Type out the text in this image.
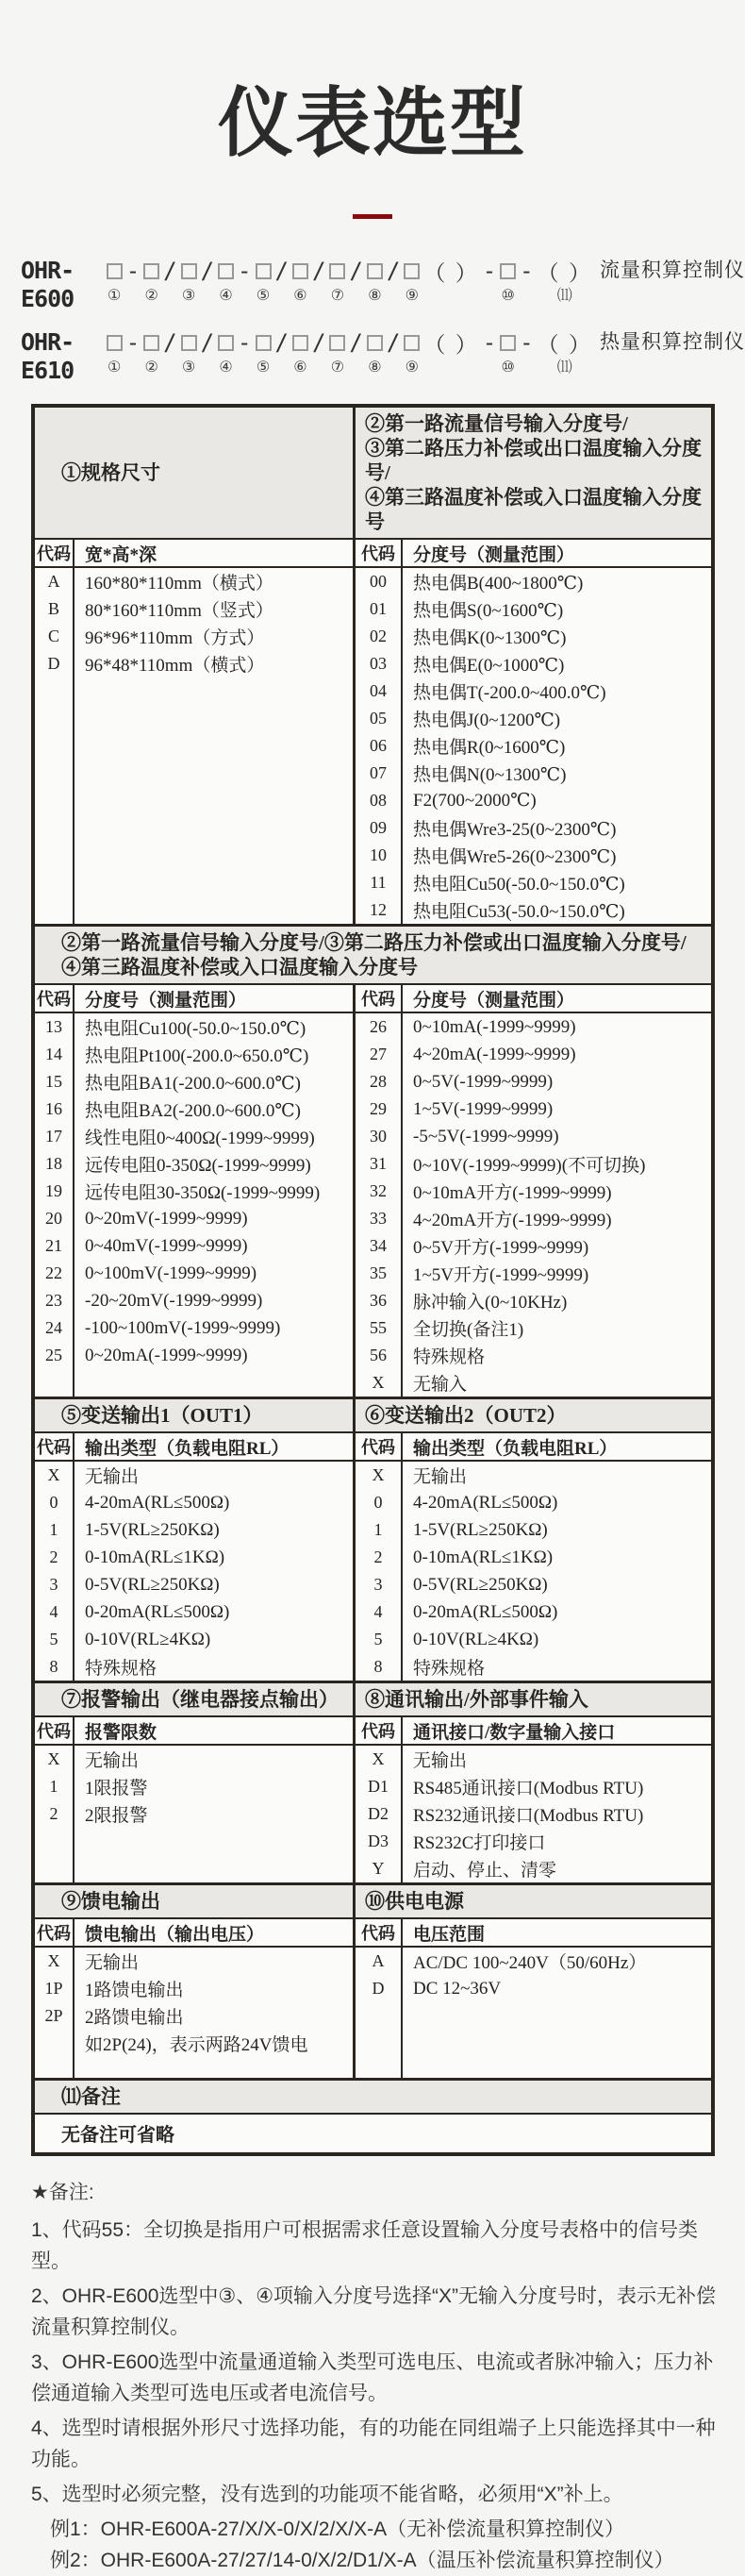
仪表选型
OHR-E600	①
-

②
/

③
/

④
-

⑤
/

⑥
/

⑦
/

⑧
/

⑨
（ ）
-

⑩
-
（ ）
⑾
流量积算控制仪
OHR-E610	①
-

②
/

③
/

④
-

⑤
/

⑥
/

⑦
/

⑧
/

⑨
（ ）
-

⑩
-
（ ）
⑾
热量积算控制仪
①规格尺寸
②第一路流量信号输入分度号/
③第二路压力补偿或出口温度输入分度号/
④第三路温度补偿或入口温度输入分度号
代码 宽*高*深
A	160*80*110mm（横式）
B	80*160*110mm（竖式）
C	96*96*110mm（方式）
D	96*48*110mm（横式）
代码	分度号（测量范围）
00	热电偶B(400~1800℃)
01	热电偶S(0~1600℃)
02	热电偶K(0~1300℃)
03	热电偶E(0~1000℃)
04	热电偶T(-200.0~400.0℃)
05	热电偶J(0~1200℃)
06	热电偶R(0~1600℃)
07	热电偶N(0~1300℃)
08	F2(700~2000℃)
09	热电偶Wre3-25(0~2300℃)
10	热电偶Wre5-26(0~2300℃)
11	热电阻Cu50(-50.0~150.0℃)
12	热电阻Cu53(-50.0~150.0℃)
②第一路流量信号输入分度号/③第二路压力补偿或出口温度输入分度号/
④第三路温度补偿或入口温度输入分度号
代码 分度号（测量范围）
13	热电阻Cu100(-50.0~150.0℃)
14	热电阻Pt100(-200.0~650.0℃)
15	热电阻BA1(-200.0~600.0℃)
16	热电阻BA2(-200.0~600.0℃)
17	线性电阻0~400Ω(-1999~9999)
18	远传电阻0-350Ω(-1999~9999)
19	远传电阻30-350Ω(-1999~9999)
20	0~20mV(-1999~9999)
21	0~40mV(-1999~9999)
22	0~100mV(-1999~9999)
23	-20~20mV(-1999~9999)
24	-100~100mV(-1999~9999)
25	0~20mA(-1999~9999)
代码	分度号（测量范围）
26	0~10mA(-1999~9999)
27	4~20mA(-1999~9999)
28	0~5V(-1999~9999)
29	1~5V(-1999~9999)
30	-5~5V(-1999~9999)
31	0~10V(-1999~9999)(不可切换)
32	0~10mA开方(-1999~9999)
33	4~20mA开方(-1999~9999)
34	0~5V开方(-1999~9999)
35	1~5V开方(-1999~9999)
36	脉冲输入(0~10KHz)
55	全切换(备注1)
56	特殊规格
X	无输入
⑤变送输出1（OUT1）	⑥变送输出2（OUT2）
代码 输出类型（负载电阻RL）
X	无输出
0	4-20mA(RL≤500Ω)
1	1-5V(RL≥250KΩ)
2	0-10mA(RL≤1KΩ)
3	0-5V(RL≥250KΩ)
4	0-20mA(RL≤500Ω)
5	0-10V(RL≥4KΩ)
8	特殊规格
代码	输出类型（负载电阻RL）
X	无输出
0	4-20mA(RL≤500Ω)
1	1-5V(RL≥250KΩ)
2	0-10mA(RL≤1KΩ)
3	0-5V(RL≥250KΩ)
4	0-20mA(RL≤500Ω)
5	0-10V(RL≥4KΩ)
8	特殊规格
⑦报警输出（继电器接点输出）	⑧通讯输出/外部事件输入
代码 报警限数
X	无输出
1	1限报警
2	2限报警
代码	通讯接口/数字量输入接口
X	无输出
D1	RS485通讯接口(Modbus RTU)
D2	RS232通讯接口(Modbus RTU)
D3	RS232C打印接口
Y	启动、停止、清零
⑨馈电输出	⑩供电电源
代码 馈电输出（输出电压）
X	无输出
1P	1路馈电输出
2P	2路馈电输出
如2P(24)，表示两路24V馈电
代码	电压范围
A	AC/DC 100~240V（50/60Hz）
D	DC 12~36V
⑾备注
无备注可省略
★备注:
1、代码55：全切换是指用户可根据需求任意设置输入分度号表格中的信号类型。
2、OHR-E600选型中③、④项输入分度号选择“X”无输入分度号时，表示无补偿流量积算控制仪。
3、OHR-E600选型中流量通道输入类型可选电压、电流或者脉冲输入；压力补偿通道输入类型可选电压或者电流信号。
4、选型时请根据外形尺寸选择功能，有的功能在同组端子上只能选择其中一种功能。
5、选型时必须完整，没有选到的功能项不能省略，必须用“X”补上。
例1：OHR-E600A-27/X/X-0/X/2/X/X-A（无补偿流量积算控制仪）
例2：OHR-E600A-27/27/14-0/X/2/D1/X-A（温压补偿流量积算控制仪）
